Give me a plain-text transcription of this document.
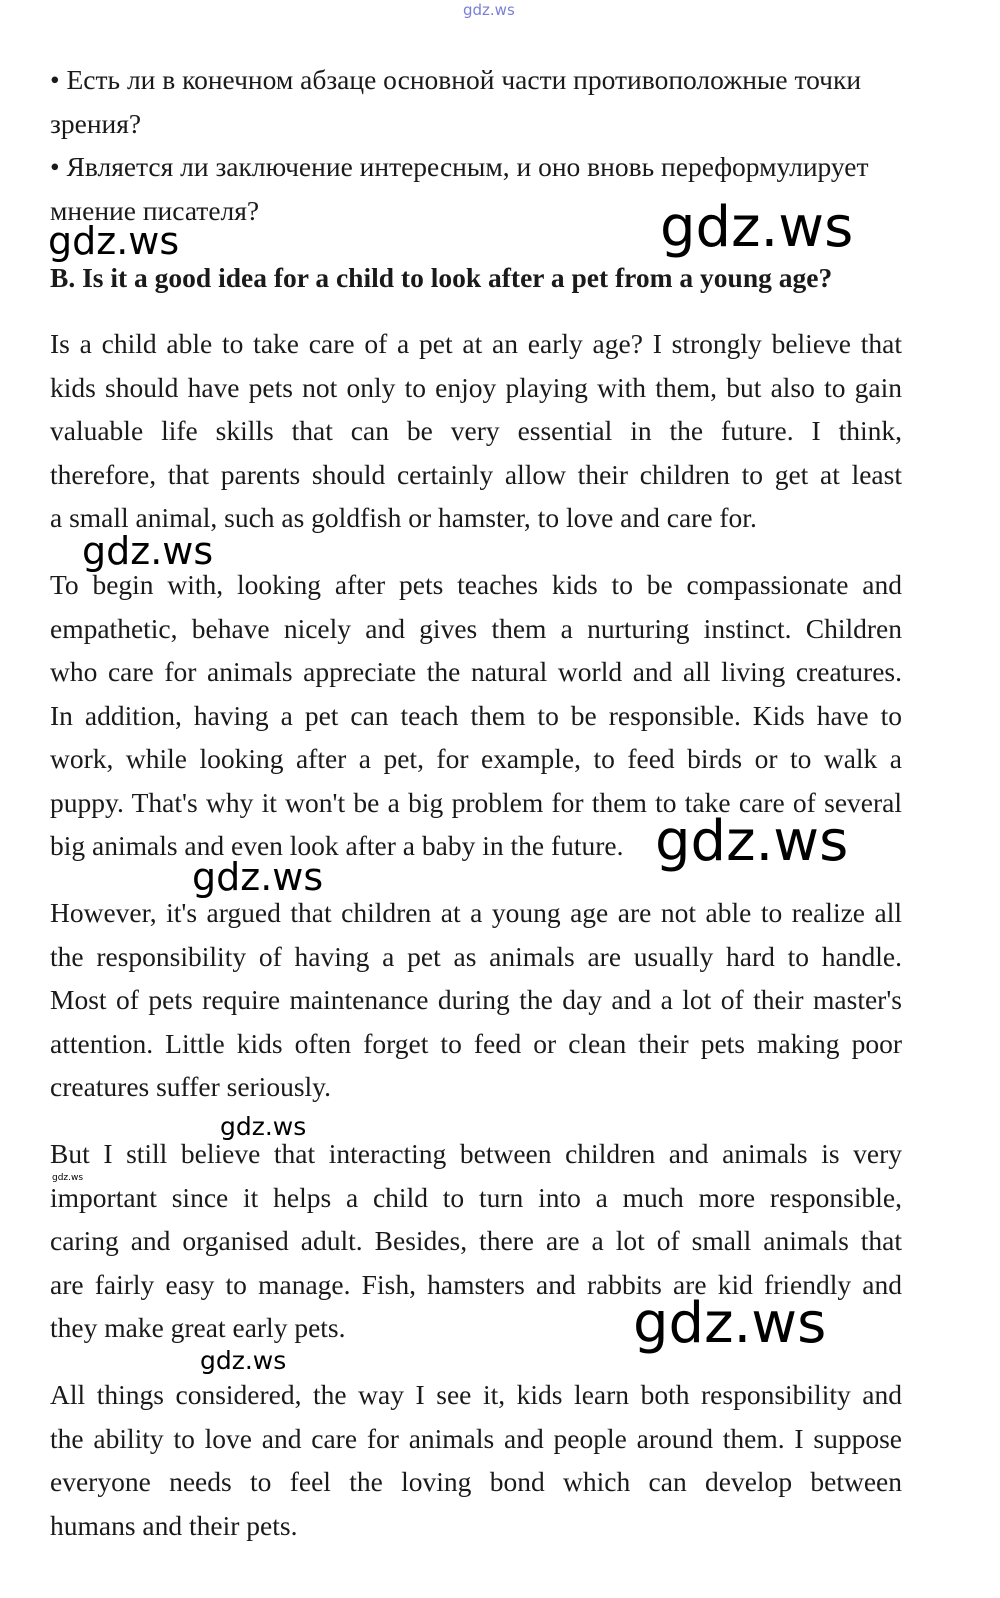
• Есть ли в конечном абзаце основной части противоположные точки
зрения?
• Является ли заключение интересным, и оно вновь переформулирует
мнение писателя?
B. Is it a good idea for a child to look after a pet from a young age?
Is a child able to take care of a pet at an early age? I strongly believe that
kids should have pets not only to enjoy playing with them, but also to gain
valuable life skills that can be very essential in the future. I think,
therefore, that parents should certainly allow their children to get at least
a small animal, such as goldfish or hamster, to love and care for.
To begin with, looking after pets teaches kids to be compassionate and
empathetic, behave nicely and gives them a nurturing instinct. Children
who care for animals appreciate the natural world and all living creatures.
In addition, having a pet can teach them to be responsible. Kids have to
work, while looking after a pet, for example, to feed birds or to walk a
puppy. That's why it won't be a big problem for them to take care of several
big animals and even look after a baby in the future.
However, it's argued that children at a young age are not able to realize all
the responsibility of having a pet as animals are usually hard to handle.
Most of pets require maintenance during the day and a lot of their master's
attention. Little kids often forget to feed or clean their pets making poor
creatures suffer seriously.
But I still believe that interacting between children and animals is very
important since it helps a child to turn into a much more responsible,
caring and organised adult. Besides, there are a lot of small animals that
are fairly easy to manage. Fish, hamsters and rabbits are kid friendly and
they make great early pets.
All things considered, the way I see it, kids learn both responsibility and
the ability to love and care for animals and people around them. I suppose
everyone needs to feel the loving bond which can develop between
humans and their pets.
gdz.ws
gdz.ws	gdz.ws
gdz.ws
gdz.ws
gdz.ws
gdz.ws
gdz.ws
gdz.ws
gdz.ws
